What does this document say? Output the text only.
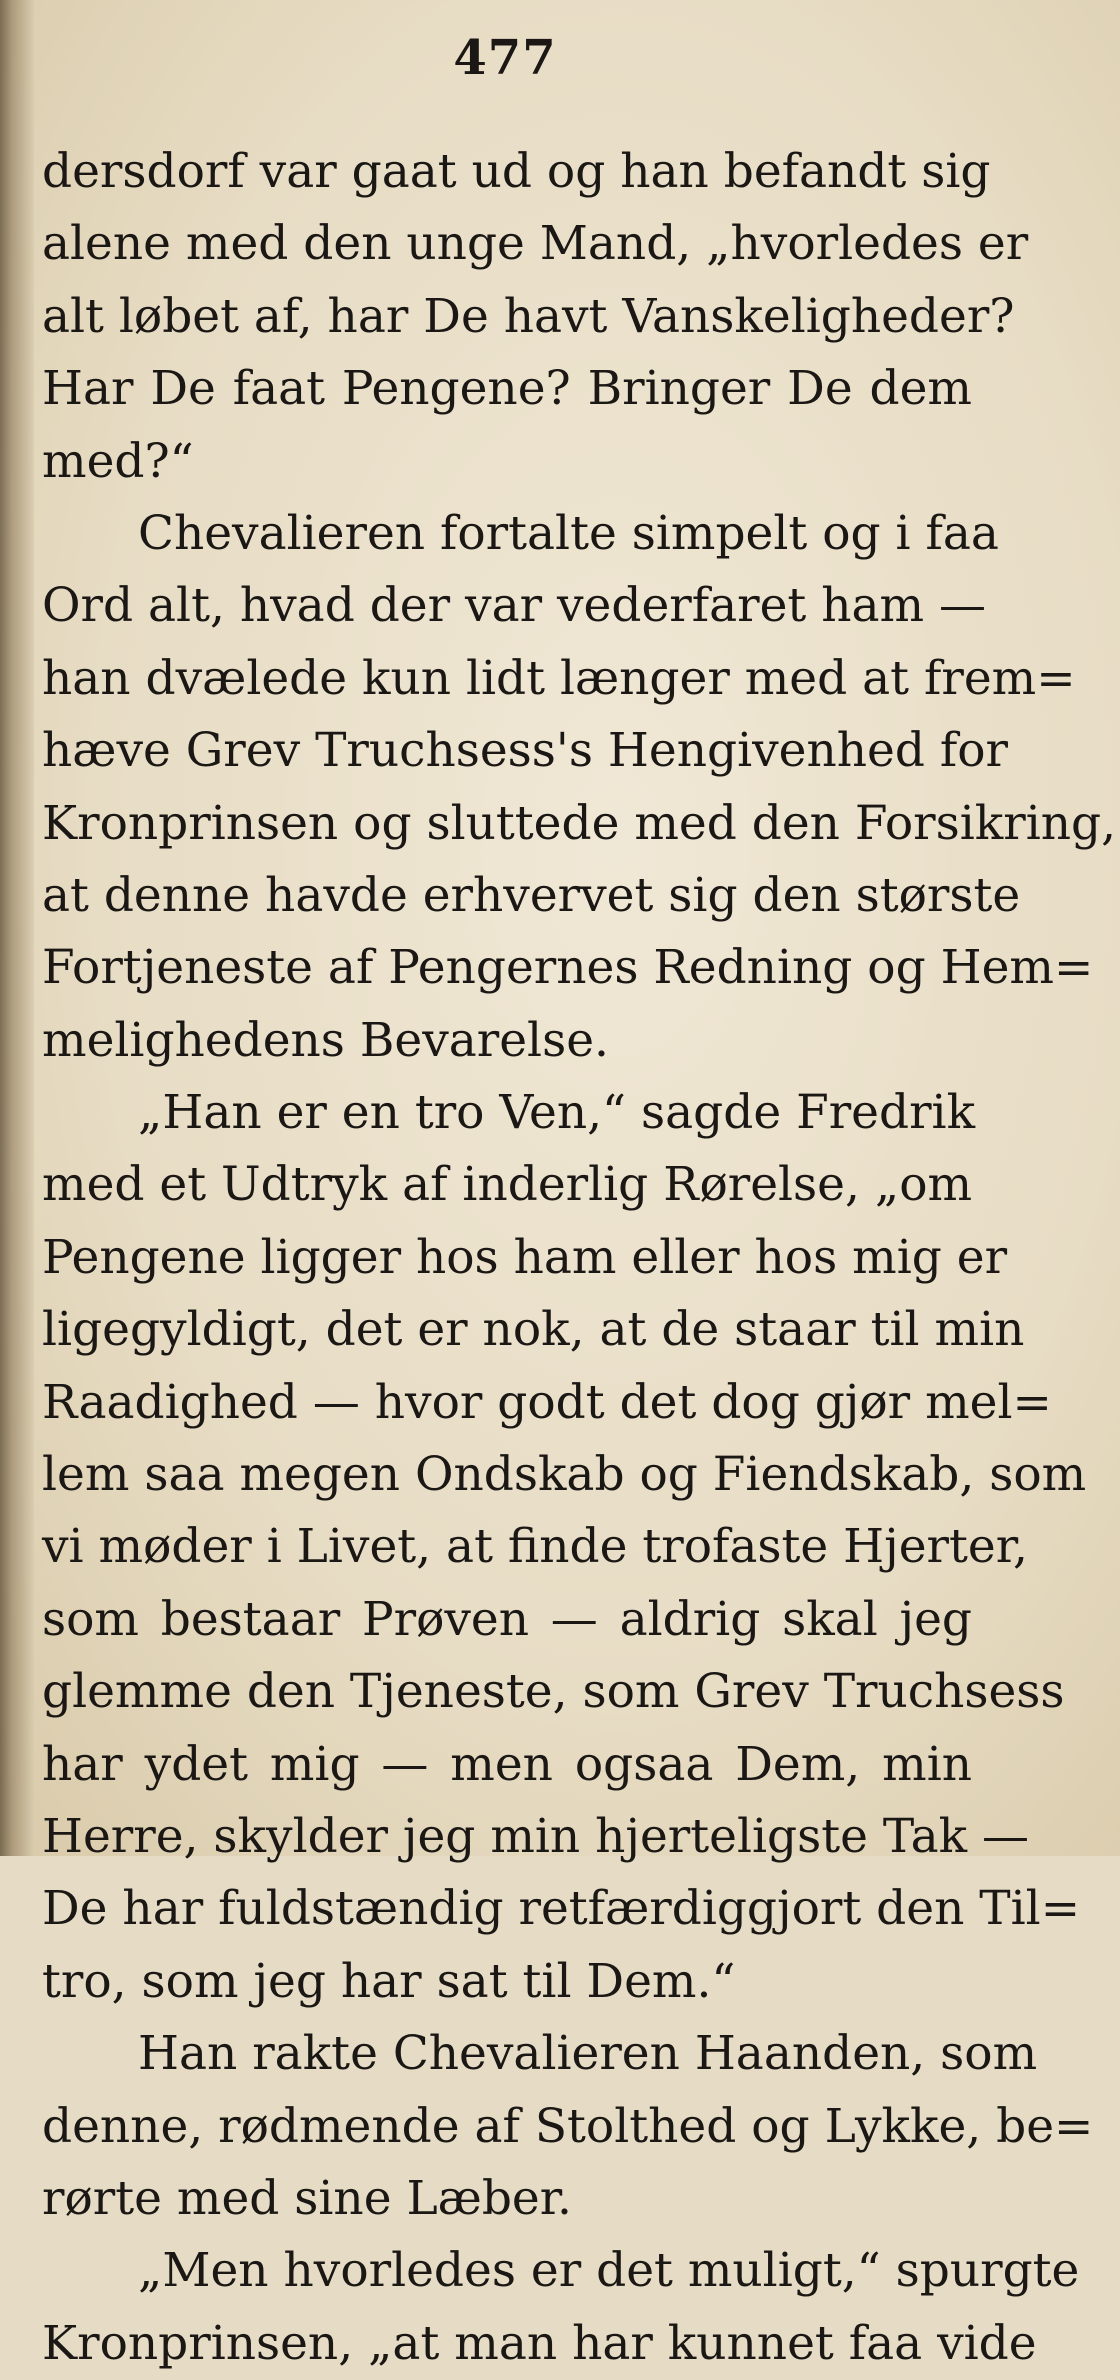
477
dersdorf var gaat ud og han befandt sig
alene med den unge Mand, „hvorledes er
alt løbet af, har De havt Vanskeligheder?
Har De faat Pengene? Bringer De dem
med?“
Chevalieren fortalte simpelt og i faa
Ord alt, hvad der var vederfaret ham —
han dvælede kun lidt længer med at frem=
hæve Grev Truchsess's Hengivenhed for
Kronprinsen og sluttede med den Forsikring,
at denne havde erhvervet sig den største
Fortjeneste af Pengernes Redning og Hem=
melighedens Bevarelse.
„Han er en tro Ven,“ sagde Fredrik
med et Udtryk af inderlig Rørelse, „om
Pengene ligger hos ham eller hos mig er
ligegyldigt, det er nok, at de staar til min
Raadighed — hvor godt det dog gjør mel=
lem saa megen Ondskab og Fiendskab, som
vi møder i Livet, at finde trofaste Hjerter,
som bestaar Prøven — aldrig skal jeg
glemme den Tjeneste, som Grev Truchsess
har ydet mig — men ogsaa Dem, min
Herre, skylder jeg min hjerteligste Tak —
De har fuldstændig retfærdiggjort den Til=
tro, som jeg har sat til Dem.“
Han rakte Chevalieren Haanden, som
denne, rødmende af Stolthed og Lykke, be=
rørte med sine Læber.
„Men hvorledes er det muligt,“ spurgte
Kronprinsen, „at man har kunnet faa vide
